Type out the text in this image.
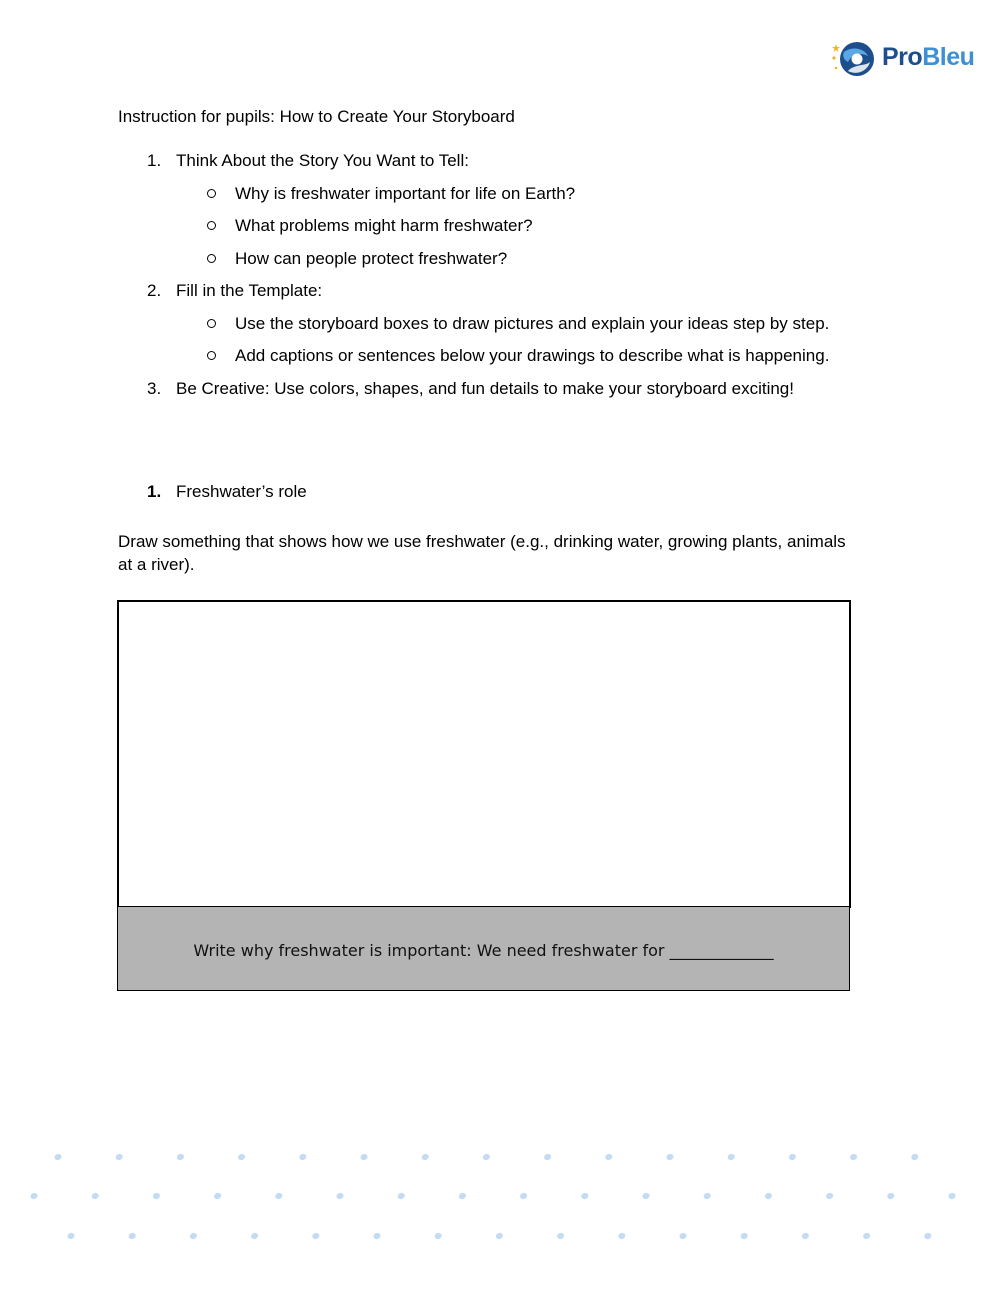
ProBleu
Instruction for pupils: How to Create Your Storyboard
1. Think About the Story You Want to Tell:
Why is freshwater important for life on Earth?
What problems might harm freshwater?
How can people protect freshwater?
2. Fill in the Template:
Use the storyboard boxes to draw pictures and explain your ideas step by step.
Add captions or sentences below your drawings to describe what is happening.
3. Be Creative: Use colors, shapes, and fun details to make your storyboard exciting!
1. Freshwater’s role
Draw something that shows how we use freshwater (e.g., drinking water, growing plants, animals at a river).
Write why freshwater is important: We need freshwater for _____________
